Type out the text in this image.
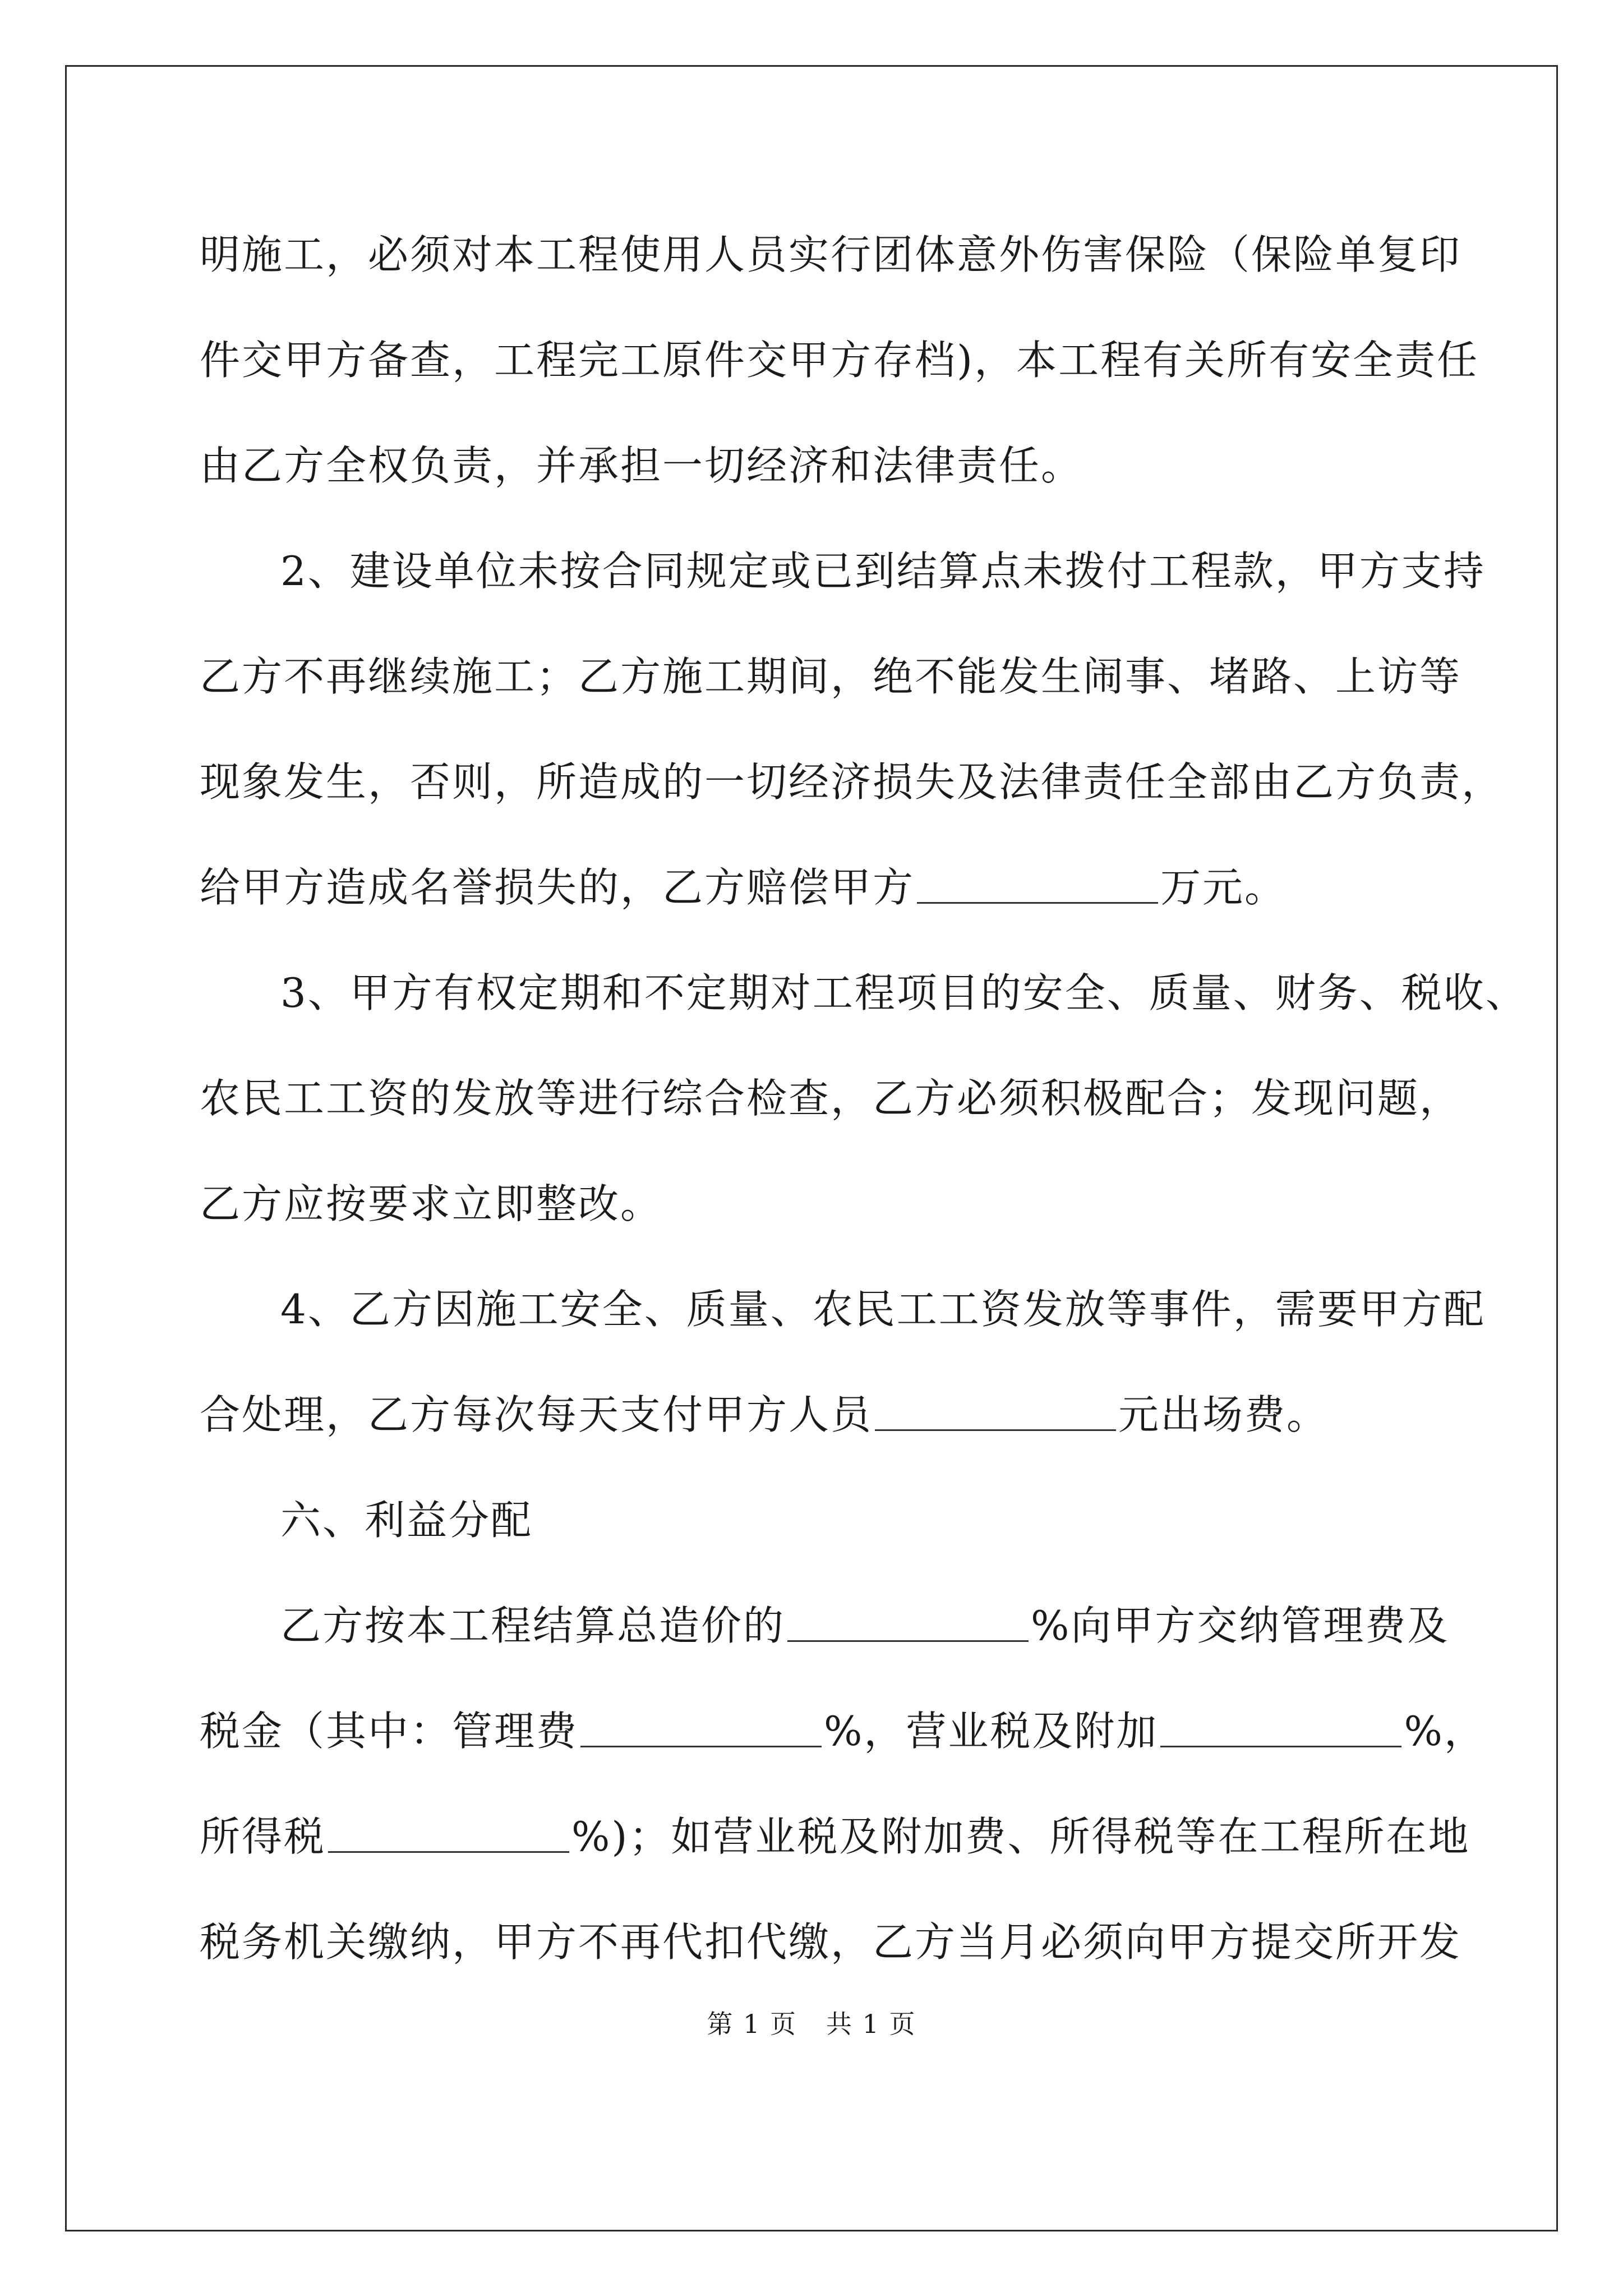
明施工，必须对本工程使用人员实行团体意外伤害保险（保险单复印
件交甲方备查，工程完工原件交甲方存档)，本工程有关所有安全责任
由乙方全权负责，并承担一切经济和法律责任。
2、建设单位未按合同规定或已到结算点未拨付工程款，甲方支持
乙方不再继续施工；乙方施工期间，绝不能发生闹事、堵路、上访等
现象发生，否则，所造成的一切经济损失及法律责任全部由乙方负责，
给甲方造成名誉损失的，乙方赔偿甲方	万元。
3、甲方有权定期和不定期对工程项目的安全、质量、财务、税收、
农民工工资的发放等进行综合检查，乙方必须积极配合；发现问题，
乙方应按要求立即整改。
4、乙方因施工安全、质量、农民工工资发放等事件，需要甲方配
合处理，乙方每次每天支付甲方人员	元出场费。
六、利益分配
乙方按本工程结算总造价的	%向甲方交纳管理费及
税金（其中：管理费	%，营业税及附加	%，
所得税	%)；如营业税及附加费、所得税等在工程所在地
税务机关缴纳，甲方不再代扣代缴，乙方当月必须向甲方提交所开发
第 1 页 共 1 页
